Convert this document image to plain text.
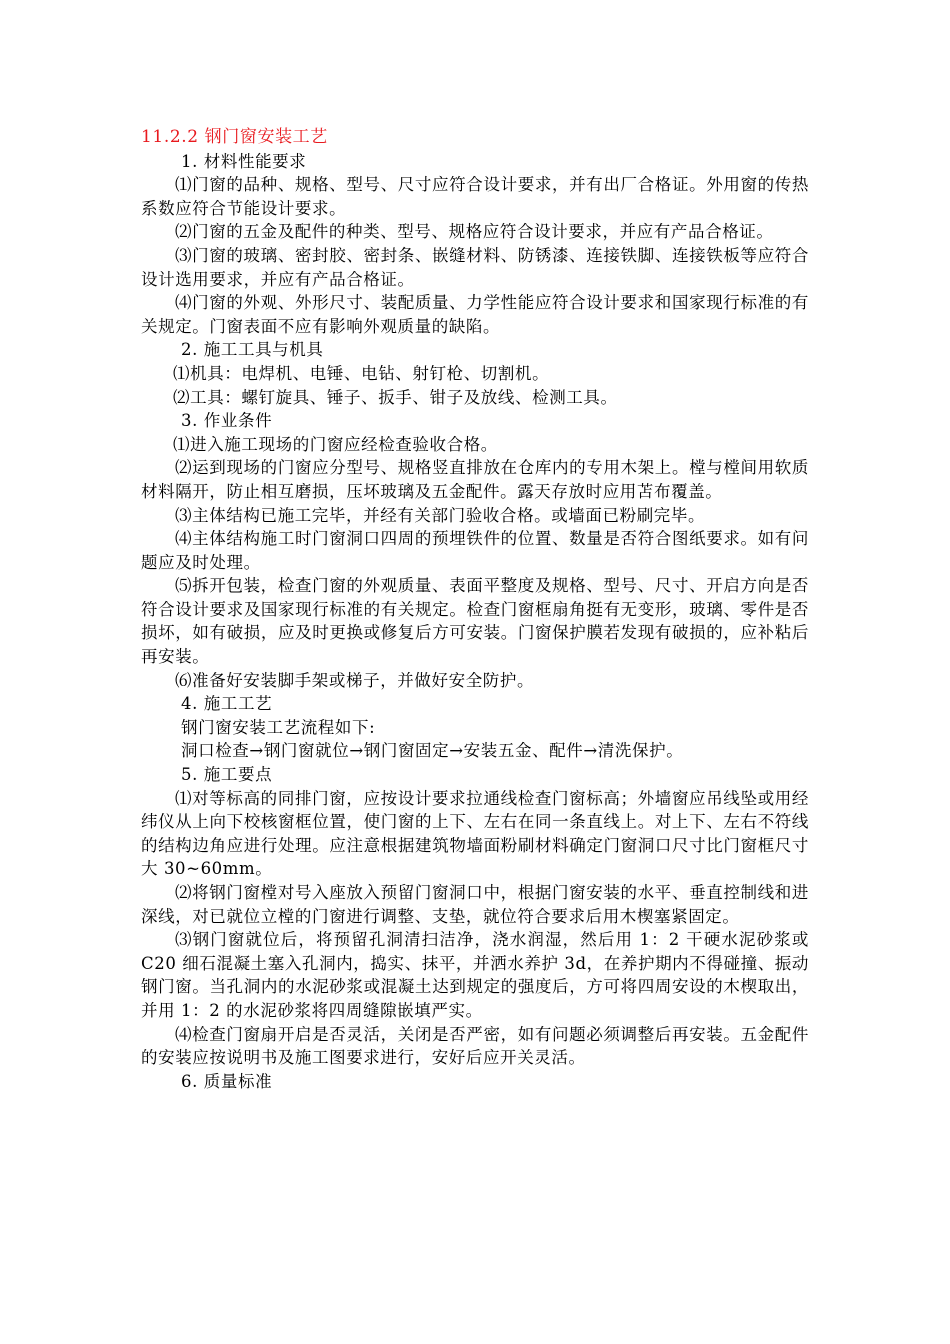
11.2.2 钢门窗安装工艺

1. 材料性能要求

⑴门窗的品种、规格、型号、尺寸应符合设计要求，并有出厂合格证。外用窗的传热系数应符合节能设计要求。

⑵门窗的五金及配件的种类、型号、规格应符合设计要求，并应有产品合格证。

⑶门窗的玻璃、密封胶、密封条、嵌缝材料、防锈漆、连接铁脚、连接铁板等应符合设计选用要求，并应有产品合格证。

⑷门窗的外观、外形尺寸、装配质量、力学性能应符合设计要求和国家现行标准的有关规定。门窗表面不应有影响外观质量的缺陷。

2. 施工工具与机具

⑴机具：电焊机、电锤、电钻、射钉枪、切割机。

⑵工具：螺钉旋具、锤子、扳手、钳子及放线、检测工具。

3. 作业条件

⑴进入施工现场的门窗应经检查验收合格。

⑵运到现场的门窗应分型号、规格竖直排放在仓库内的专用木架上。樘与樘间用软质材料隔开，防止相互磨损，压坏玻璃及五金配件。露天存放时应用苫布覆盖。

⑶主体结构已施工完毕，并经有关部门验收合格。或墙面已粉刷完毕。

⑷主体结构施工时门窗洞口四周的预埋铁件的位置、数量是否符合图纸要求。如有问题应及时处理。

⑸拆开包装，检查门窗的外观质量、表面平整度及规格、型号、尺寸、开启方向是否符合设计要求及国家现行标准的有关规定。检查门窗框扇角挺有无变形，玻璃、零件是否损坏，如有破损，应及时更换或修复后方可安装。门窗保护膜若发现有破损的，应补粘后再安装。

⑹准备好安装脚手架或梯子，并做好安全防护。

4. 施工工艺

钢门窗安装工艺流程如下:

洞口检查→钢门窗就位→钢门窗固定→安装五金、配件→清洗保护。

5. 施工要点

⑴对等标高的同排门窗，应按设计要求拉通线检查门窗标高；外墙窗应吊线坠或用经纬仪从上向下校核窗框位置，使门窗的上下、左右在同一条直线上。对上下、左右不符线的结构边角应进行处理。应注意根据建筑物墙面粉刷材料确定门窗洞口尺寸比门窗框尺寸大 30~60mm。

⑵将钢门窗樘对号入座放入预留门窗洞口中，根据门窗安装的水平、垂直控制线和进深线，对已就位立樘的门窗进行调整、支垫，就位符合要求后用木楔塞紧固定。

⑶钢门窗就位后，将预留孔洞清扫洁净，浇水润湿，然后用 1：2 干硬水泥砂浆或 C20 细石混凝土塞入孔洞内，捣实、抹平，并洒水养护 3d，在养护期内不得碰撞、振动钢门窗。当孔洞内的水泥砂浆或混凝土达到规定的强度后，方可将四周安设的木楔取出，并用 1：2 的水泥砂浆将四周缝隙嵌填严实。

⑷检查门窗扇开启是否灵活，关闭是否严密，如有问题必须调整后再安装。五金配件的安装应按说明书及施工图要求进行，安好后应开关灵活。

6. 质量标准
